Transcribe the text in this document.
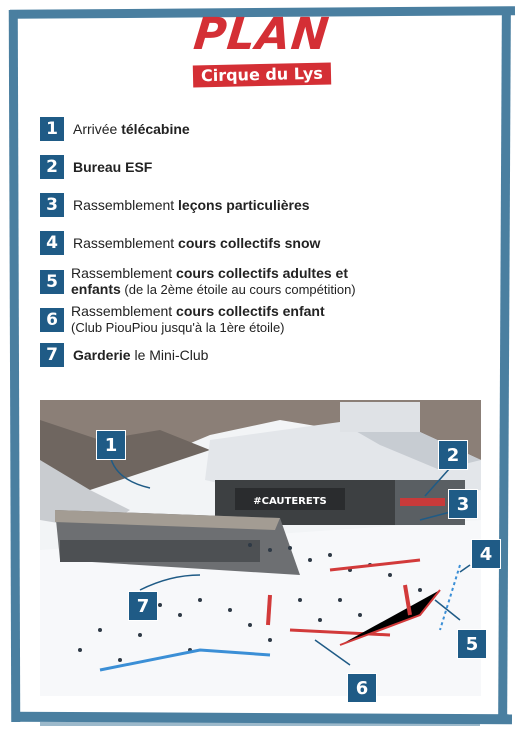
PLAN
Cirque du Lys
1	Arrivée télécabine
2	Bureau ESF
3	Rassemblement leçons particulières
4	Rassemblement cours collectifs snow
5 Rassemblement cours collectifs adultes et
enfants (de la 2ème étoile au cours compétition)
6 Rassemblement cours collectifs enfant
(Club PiouPiou jusqu'à la 1ère étoile)
7	Garderie le Mini-Club
#CAUTERETS
1	2
3
4
5
6
7
